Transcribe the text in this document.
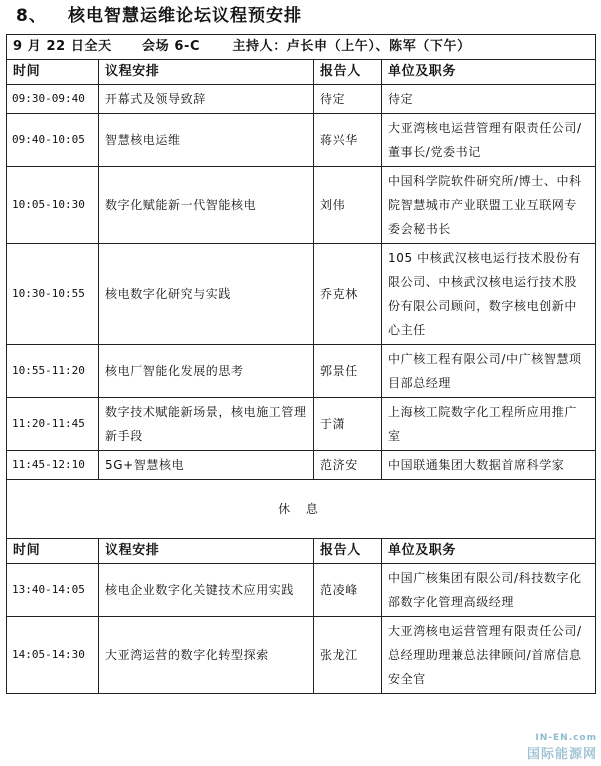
8、 核电智慧运维论坛议程预安排
9 月 22 日全天 会场 6-C 主持人：卢长申（上午）、陈军（下午）			
时间	议程安排	报告人	单位及职务
09:30-09:40	开幕式及领导致辞	待定	待定
09:40-10:05	智慧核电运维	蒋兴华	大亚湾核电运营管理有限责任公司/董事长/党委书记
10:05-10:30	数字化赋能新一代智能核电	刘伟	中国科学院软件研究所/博士、中科院智慧城市产业联盟工业互联网专委会秘书长
10:30-10:55	核电数字化研究与实践	乔克林	105 中核武汉核电运行技术股份有限公司、中核武汉核电运行技术股份有限公司顾问，数字核电创新中心主任
10:55-11:20	核电厂智能化发展的思考	郭景任	中广核工程有限公司/中广核智慧项目部总经理
11:20-11:45	数字技术赋能新场景，核电施工管理新手段	于潇	上海核工院数字化工程所应用推广室
11:45-12:10	5G+智慧核电	范济安	中国联通集团大数据首席科学家
休 息			
时间	议程安排	报告人	单位及职务
13:40-14:05	核电企业数字化关键技术应用实践	范凌峰	中国广核集团有限公司/科技数字化部数字化管理高级经理
14:05-14:30	大亚湾运营的数字化转型探索	张龙江	大亚湾核电运营管理有限责任公司/总经理助理兼总法律顾问/首席信息安全官
IN-EN.com
国际能源网
